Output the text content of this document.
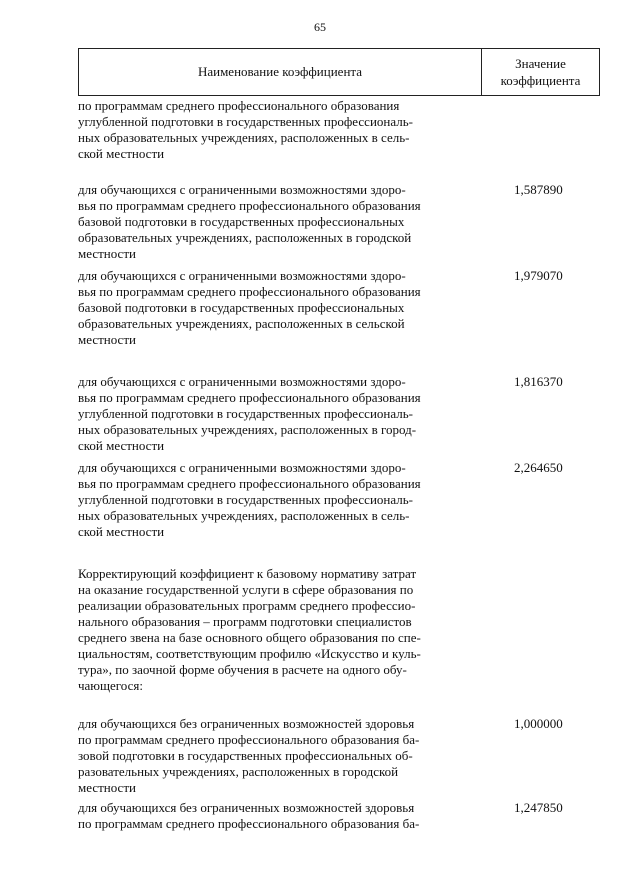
65
Наименование коэффициента
Значение коэффициента
по программам среднего профессионального образования
углубленной подготовки в государственных профессиональ-
ных образовательных учреждениях, расположенных в сель-
ской местности
для обучающихся с ограниченными возможностями здоро-
вья по программам среднего профессионального образования
базовой подготовки в государственных профессиональных
образовательных учреждениях, расположенных в городской
местности
1,587890
для обучающихся с ограниченными возможностями здоро-
вья по программам среднего профессионального образования
базовой подготовки в государственных профессиональных
образовательных учреждениях, расположенных в сельской
местности
1,979070
для обучающихся с ограниченными возможностями здоро-
вья по программам среднего профессионального образования
углубленной подготовки в государственных профессиональ-
ных образовательных учреждениях, расположенных в город-
ской местности
1,816370
для обучающихся с ограниченными возможностями здоро-
вья по программам среднего профессионального образования
углубленной подготовки в государственных профессиональ-
ных образовательных учреждениях, расположенных в сель-
ской местности
2,264650
Корректирующий коэффициент к базовому нормативу затрат
на оказание государственной услуги в сфере образования по
реализации образовательных программ среднего профессио-
нального образования – программ подготовки специалистов
среднего звена на базе основного общего образования по спе-
циальностям, соответствующим профилю «Искусство и куль-
тура», по заочной форме обучения в расчете на одного обу-
чающегося:
для обучающихся без ограниченных возможностей здоровья
по программам среднего профессионального образования ба-
зовой подготовки в государственных профессиональных об-
разовательных учреждениях, расположенных в городской
местности
1,000000
для обучающихся без ограниченных возможностей здоровья
по программам среднего профессионального образования ба-
1,247850
